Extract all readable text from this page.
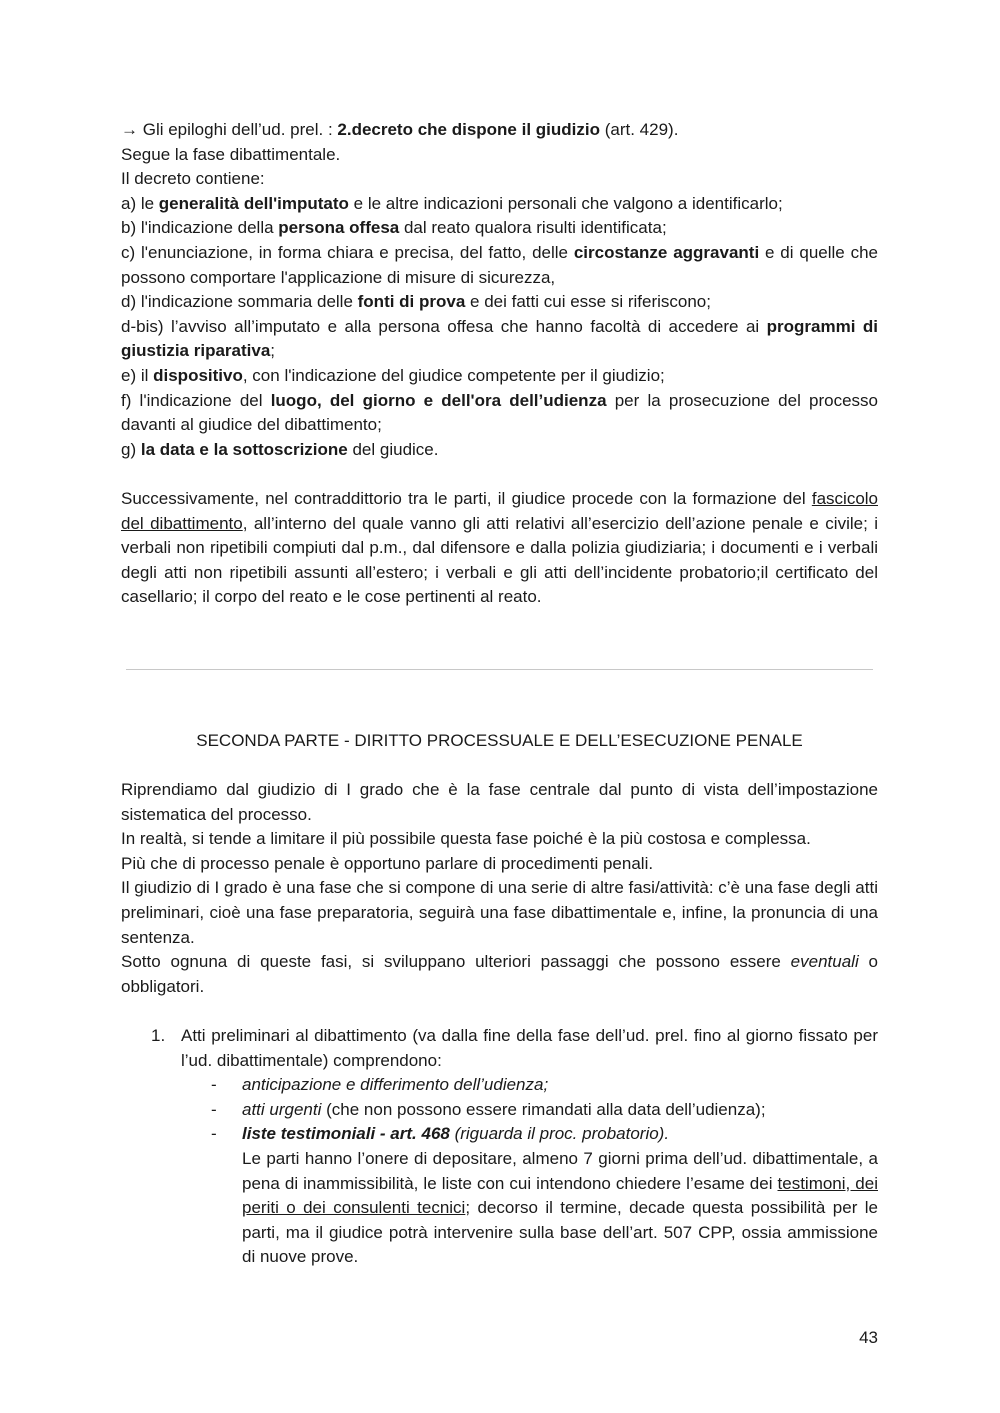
→ Gli epiloghi dell’ud. prel. : 2.decreto che dispone il giudizio (art. 429).

Segue la fase dibattimentale.

Il decreto contiene:

a) le generalità dell'imputato e le altre indicazioni personali che valgono a identificarlo;

b) l'indicazione della persona offesa dal reato qualora risulti identificata;

c) l'enunciazione, in forma chiara e precisa, del fatto, delle circostanze aggravanti e di quelle che possono comportare l'applicazione di misure di sicurezza,

d) l'indicazione sommaria delle fonti di prova e dei fatti cui esse si riferiscono;

d-bis) l’avviso all’imputato e alla persona offesa che hanno facoltà di accedere ai programmi di giustizia riparativa;

e) il dispositivo, con l'indicazione del giudice competente per il giudizio;

f) l'indicazione del luogo, del giorno e dell'ora dell’udienza per la prosecuzione del processo davanti al giudice del dibattimento;

g) la data e la sottoscrizione del giudice.

Successivamente, nel contraddittorio tra le parti, il giudice procede con la formazione del fascicolo del dibattimento, all’interno del quale vanno gli atti relativi all’esercizio dell’azione penale e civile; i verbali non ripetibili compiuti dal p.m., dal difensore e dalla polizia giudiziaria; i documenti e i verbali degli atti non ripetibili assunti all’estero; i verbali e gli atti dell’incidente probatorio;il certificato del casellario; il corpo del reato e le cose pertinenti al reato.

SECONDA PARTE - DIRITTO PROCESSUALE E DELL’ESECUZIONE PENALE

Riprendiamo dal giudizio di I grado che è la fase centrale dal punto di vista dell’impostazione sistematica del processo.

In realtà, si tende a limitare il più possibile questa fase poiché è la più costosa e complessa.

Più che di processo penale è opportuno parlare di procedimenti penali.

Il giudizio di I grado è una fase che si compone di una serie di altre fasi/attività: c’è una fase degli atti preliminari, cioè una fase preparatoria, seguirà una fase dibattimentale e, infine, la pronuncia di una sentenza.

Sotto ognuna di queste fasi, si sviluppano ulteriori passaggi che possono essere eventuali o obbligatori.

1. Atti preliminari al dibattimento (va dalla fine della fase dell’ud. prel. fino al giorno fissato per l’ud. dibattimentale) comprendono:
- anticipazione e differimento dell’udienza;
- atti urgenti (che non possono essere rimandati alla data dell’udienza);
- liste testimoniali - art. 468 (riguarda il proc. probatorio).

Le parti hanno l’onere di depositare, almeno 7 giorni prima dell’ud. dibattimentale, a pena di inammissibilità, le liste con cui intendono chiedere l’esame dei testimoni, dei periti o dei consulenti tecnici; decorso il termine, decade questa possibilità per le parti, ma il giudice potrà intervenire sulla base dell’art. 507 CPP, ossia ammissione di nuove prove.

43
